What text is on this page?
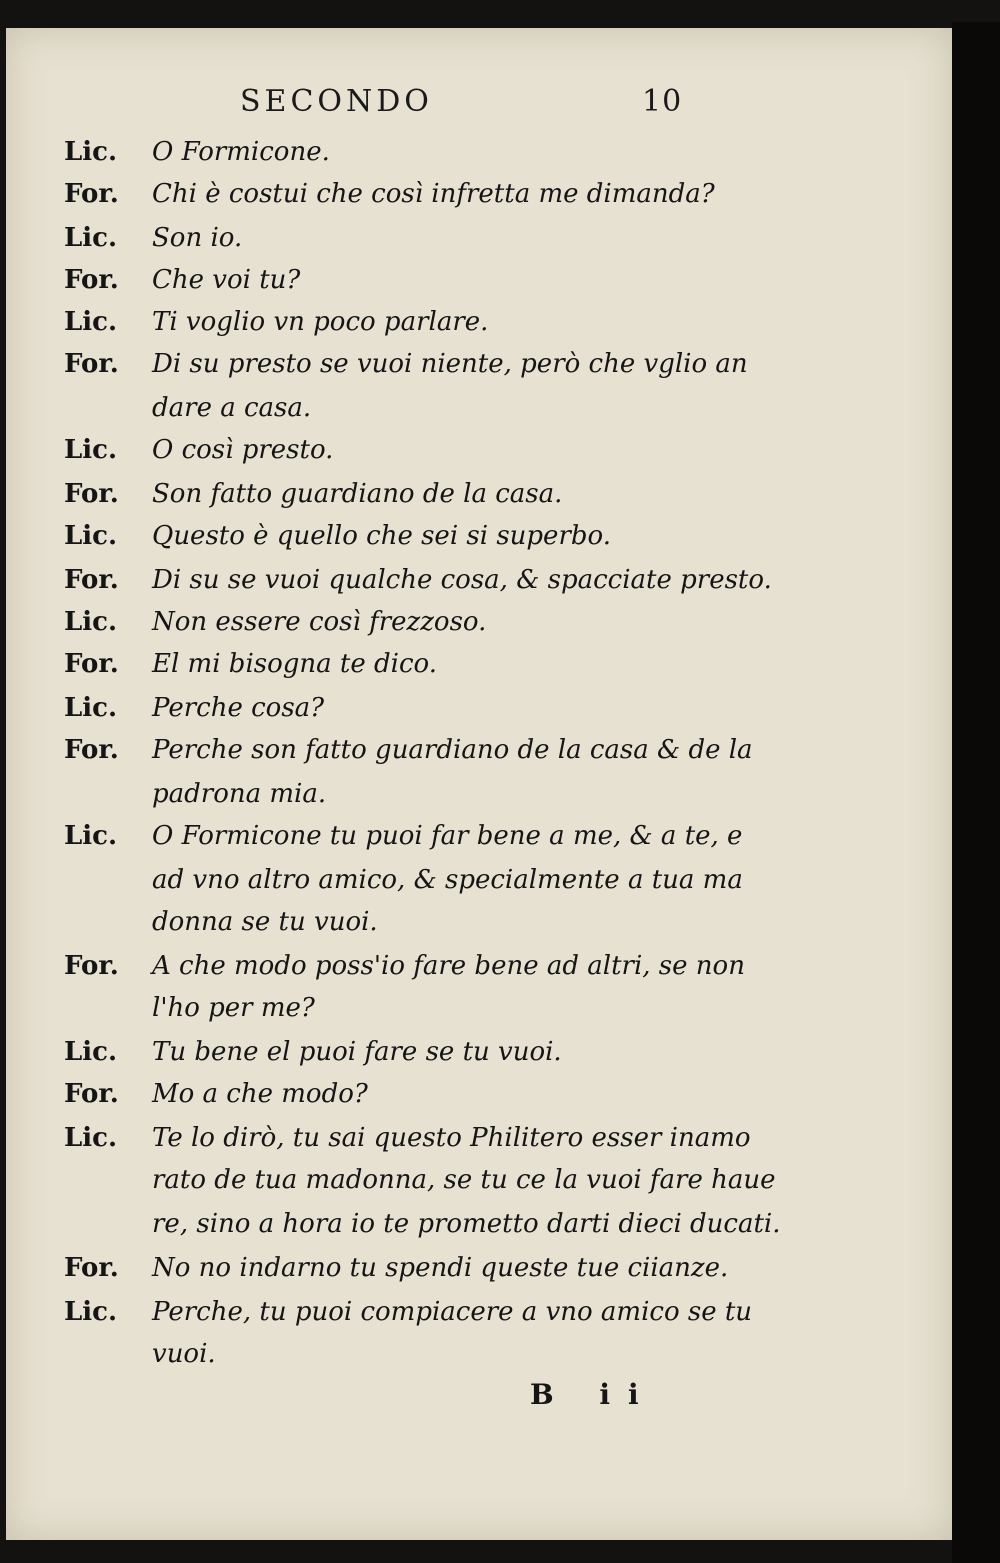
SECONDO	10
Lic. O Formicone.
For. Chi è costui che così infretta me dimanda?
Lic. Son io.
For. Che voi tu?
Lic. Ti voglio vn poco parlare.
For. Di su presto se vuoi niente, però che vglio an
dare a casa.
Lic. O così presto.
For. Son fatto guardiano de la casa.
Lic. Questo è quello che sei si superbo.
For. Di su se vuoi qualche cosa, & spacciate presto.
Lic. Non essere così frezzoso.
For. El mi bisogna te dico.
Lic. Perche cosa?
For. Perche son fatto guardiano de la casa & de la
padrona mia.
Lic. O Formicone tu puoi far bene a me, & a te, e
ad vno altro amico, & specialmente a tua ma
donna se tu vuoi.
For. A che modo poss'io fare bene ad altri, se non
l'ho per me?
Lic. Tu bene el puoi fare se tu vuoi.
For. Mo a che modo?
Lic. Te lo dirò, tu sai questo Philitero esser inamo
rato de tua madonna, se tu ce la vuoi fare haue
re, sino a hora io te prometto darti dieci ducati.
For. No no indarno tu spendi queste tue ciianze.
Lic. Perche, tu puoi compiacere a vno amico se tu
vuoi.
B ii
